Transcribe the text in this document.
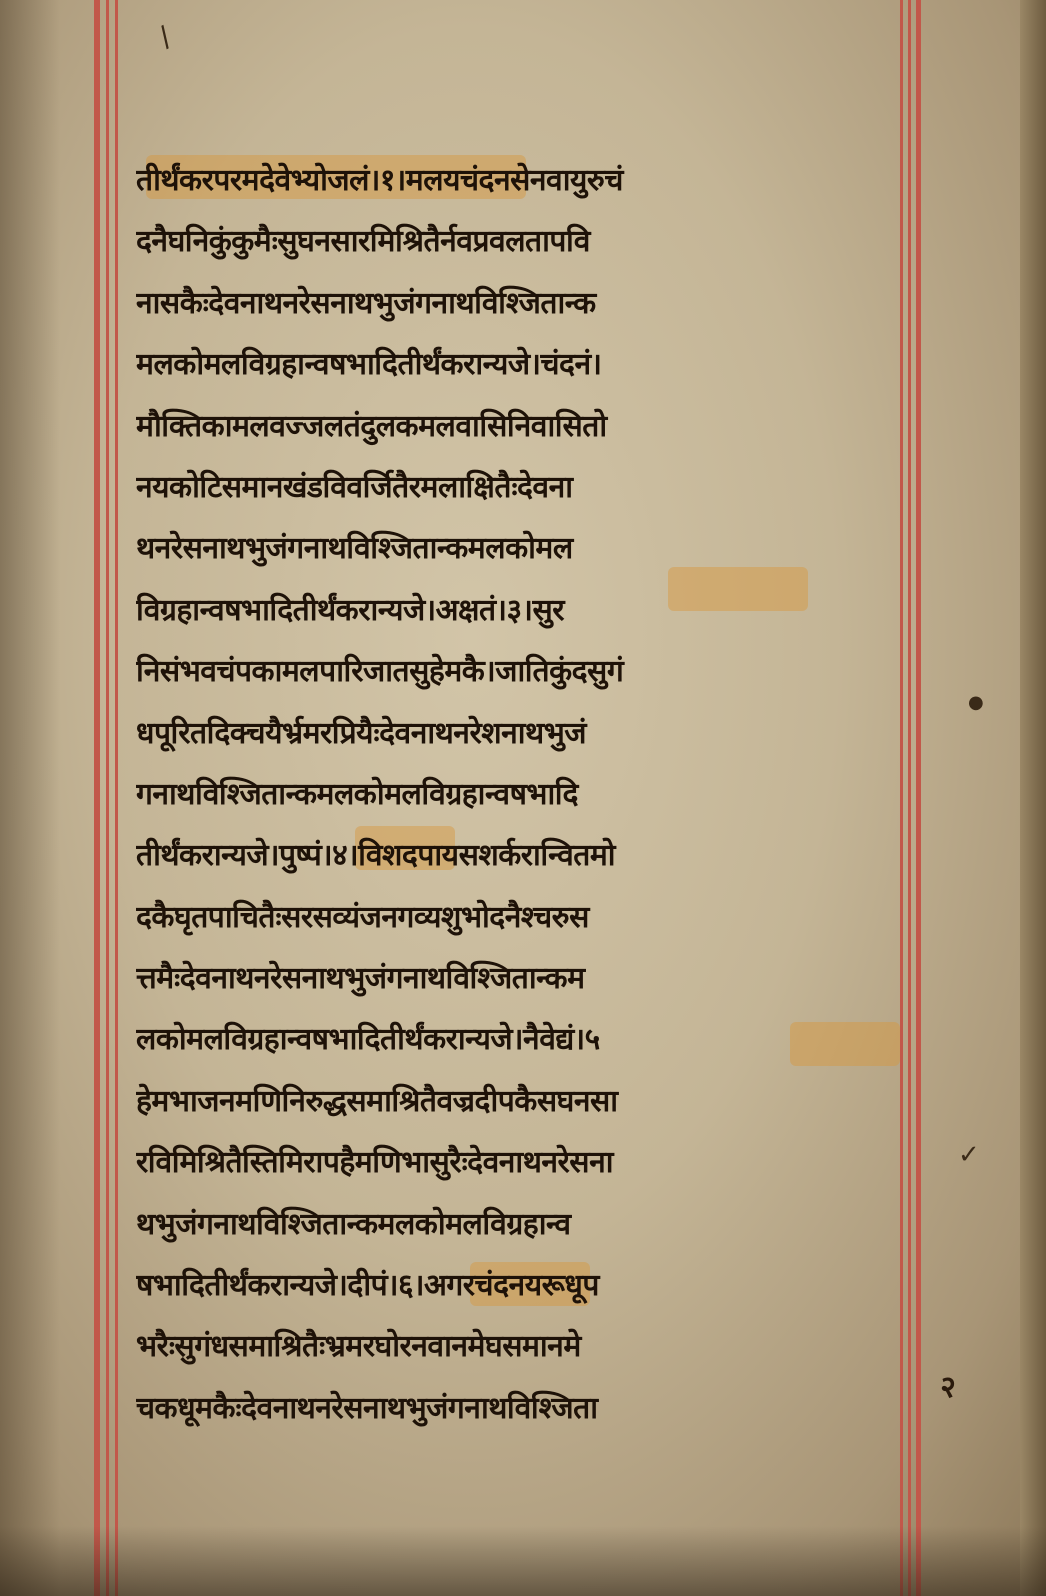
/
●
✓
तीर्थंकरपरमदेवेभ्योजलं।१।मलयचंदनसेनवायुरुचं
दनैघनिकुंकुमैःसुघनसारमिश्रितैर्नवप्रवलतापवि
नासकैःदेवनाथनरेसनाथभुजंगनाथविश्जितान्क
मलकोमलविग्रहान्वषभादितीर्थंकरान्यजे।चंदनं।
मौक्तिकामलवज्जलतंदुलकमलवासिनिवासितो
नयकोटिसमानखंडविवर्जितैरमलाक्षितैःदेवना
थनरेसनाथभुजंगनाथविश्जितान्कमलकोमल
विग्रहान्वषभादितीर्थंकरान्यजे।अक्षतं।३।सुर
निसंभवचंपकामलपारिजातसुहेमकै।जातिकुंदसुगं
धपूरितदिक्चयैर्भ्रमरप्रियैःदेवनाथनरेशनाथभुजं
गनाथविश्जितान्कमलकोमलविग्रहान्वषभादि
तीर्थंकरान्यजे।पुष्पं।४।विशदपायसशर्करान्वितमो
दकैघृतपाचितैःसरसव्यंजनगव्यशुभोदनैश्चरुस
त्तमैःदेवनाथनरेसनाथभुजंगनाथविश्जितान्कम
लकोमलविग्रहान्वषभादितीर्थंकरान्यजे।नैवेद्यं।५
हेमभाजनमणिनिरुद्धसमाश्रितैवज्रदीपकैसघनसा
रविमिश्रितैस्तिमिरापहैमणिभासुरैःदेवनाथनरेसना
थभुजंगनाथविश्जितान्कमलकोमलविग्रहान्व
षभादितीर्थंकरान्यजे।दीपं।६।अगरचंदनयरूधूप
भरैःसुगंधसमाश्रितैःभ्रमरघोरनवानमेघसमानमे
चकधूमकैःदेवनाथनरेसनाथभुजंगनाथविश्जिता
२
